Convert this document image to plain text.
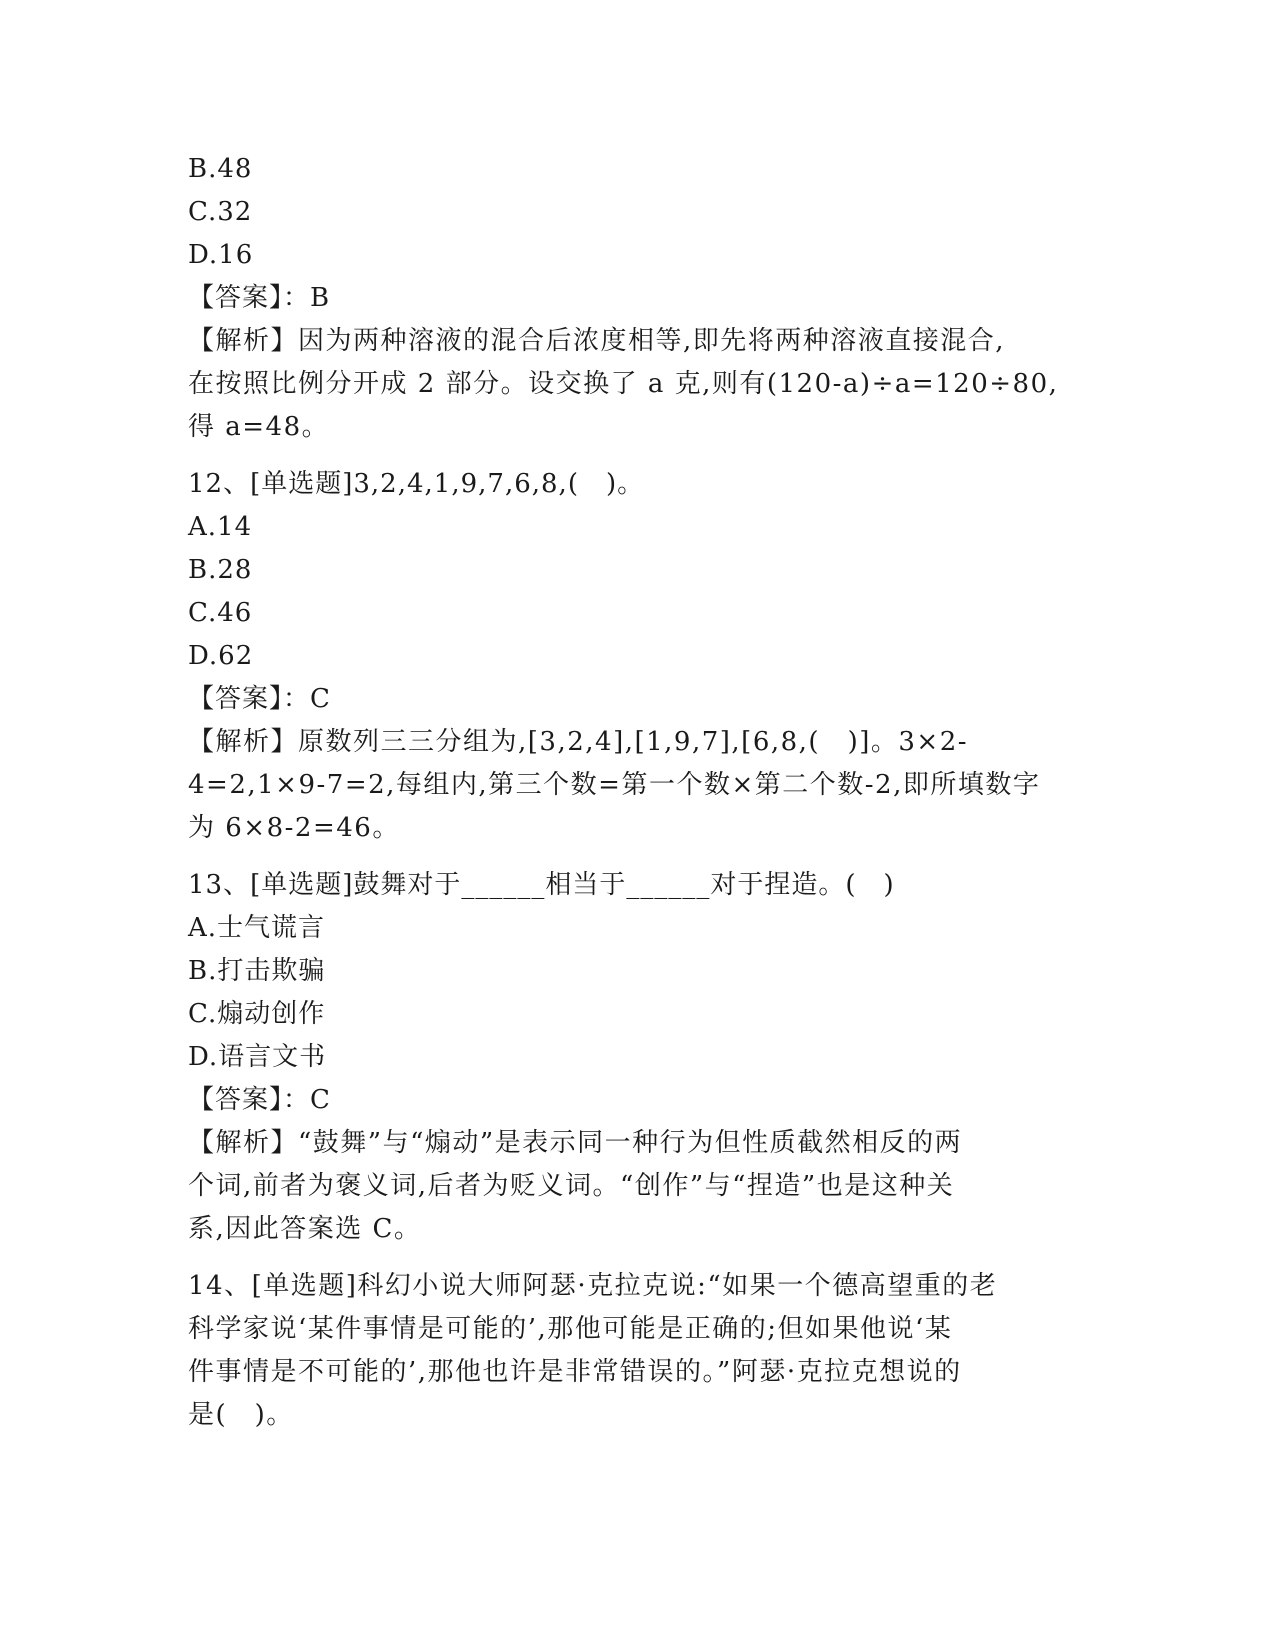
B.48
C.32
D.16
【答案】：B
【解析】因为两种溶液的混合后浓度相等,即先将两种溶液直接混合,
在按照比例分开成 2 部分。设交换了 a 克,则有(120-a)÷a=120÷80,
得 a=48。
12、[单选题]3,2,4,1,9,7,6,8,(　)。
A.14
B.28
C.46
D.62
【答案】：C
【解析】原数列三三分组为,[3,2,4],[1,9,7],[6,8,(　)]。3×2-
4=2,1×9-7=2,每组内,第三个数=第一个数×第二个数-2,即所填数字
为 6×8-2=46。
13、[单选题]鼓舞对于______相当于______对于捏造。(　)
A.士气谎言
B.打击欺骗
C.煽动创作
D.语言文书
【答案】：C
【解析】“鼓舞”与“煽动”是表示同一种行为但性质截然相反的两
个词,前者为褒义词,后者为贬义词。“创作”与“捏造”也是这种关
系,因此答案选 C。
14、[单选题]科幻小说大师阿瑟·克拉克说:“如果一个德高望重的老
科学家说‘某件事情是可能的’,那他可能是正确的;但如果他说‘某
件事情是不可能的’,那他也许是非常错误的。”阿瑟·克拉克想说的
是(　)。
